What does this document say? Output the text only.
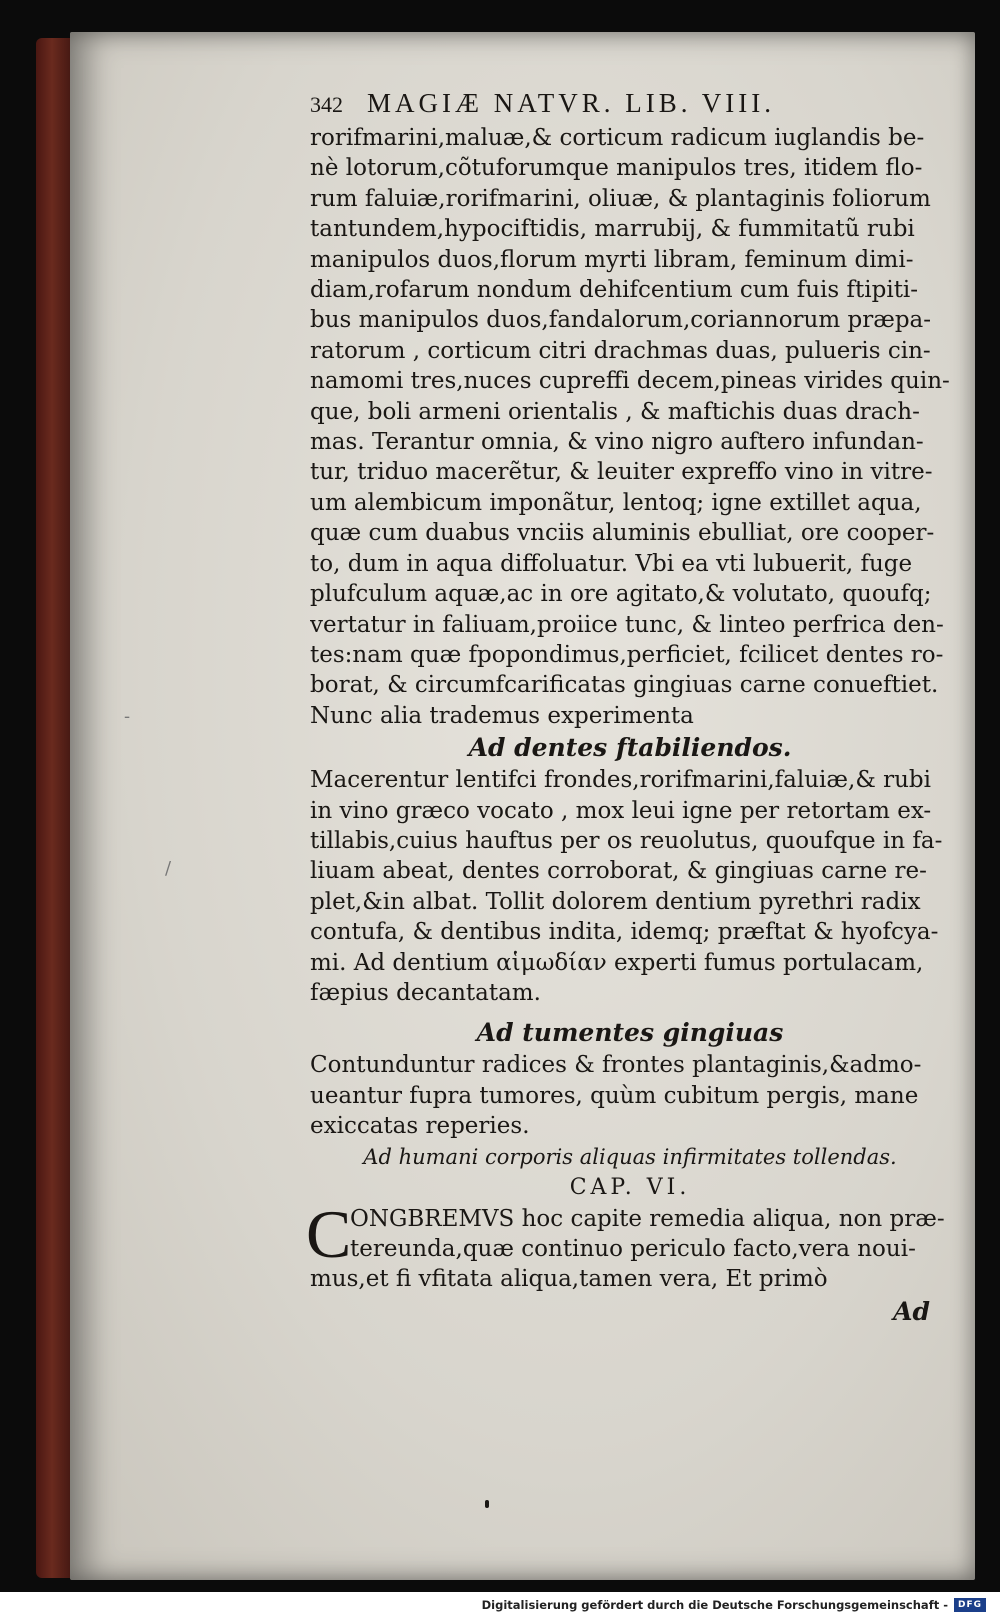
342 MAGIÆ NATVR. LIB. VIII.
rorifmarini,maluæ,& corticum radicum iuglandis be-
nè lotorum,cõtuforumque manipulos tres, itidem flo-
rum faluiæ,rorifmarini, oliuæ, & plantaginis foliorum
tantundem,hypociftidis, marrubij, & fummitatũ rubi
manipulos duos,florum myrti libram, feminum dimi-
diam,rofarum nondum dehifcentium cum fuis ftipiti-
bus manipulos duos,fandalorum,coriannorum præpa-
ratorum , corticum citri drachmas duas, pulueris cin-
namomi tres,nuces cupreffi decem,pineas virides quin-
que, boli armeni orientalis , & maftichis duas drach-
mas. Terantur omnia, & vino nigro auftero infundan-
tur, triduo macerẽtur, & leuiter expreffo vino in vitre-
um alembicum imponãtur, lentoq; igne extillet aqua,
quæ cum duabus vnciis aluminis ebulliat, ore cooper-
to, dum in aqua diffoluatur. Vbi ea vti lubuerit, fuge
plufculum aquæ,ac in ore agitato,& volutato, quoufq;
vertatur in faliuam,proiice tunc, & linteo perfrica den-
tes:nam quæ fpopondimus,perficiet, fcilicet dentes ro-
borat, & circumfcarificatas gingiuas carne conueftiet.
Nunc alia trademus experimenta
Ad dentes ftabiliendos.
Macerentur lentifci frondes,rorifmarini,faluiæ,& rubi
in vino græco vocato , mox leui igne per retortam ex-
tillabis,cuius hauftus per os reuolutus, quoufque in fa-
liuam abeat, dentes corroborat, & gingiuas carne re-
plet,&in albat. Tollit dolorem dentium pyrethri radix
contufa, & dentibus indita, idemq; præftat & hyofcya-
mi. Ad dentium αἱμωδίαν experti fumus portulacam,
fæpius decantatam.
Ad tumentes gingiuas
Contunduntur radices & frontes plantaginis,&admo-
ueantur fupra tumores, quùm cubitum pergis, mane
exiccatas reperies.
Ad humani corporis aliquas infirmitates tollendas.
CAP. VI.
C
ONGBREMVS hoc capite remedia aliqua, non præ-
tereunda,quæ continuo periculo facto,vera noui-
mus,et fi vfitata aliqua,tamen vera, Et primò
Ad
-
/
Digitalisierung gefördert durch die Deutsche Forschungsgemeinschaft -	DFG
